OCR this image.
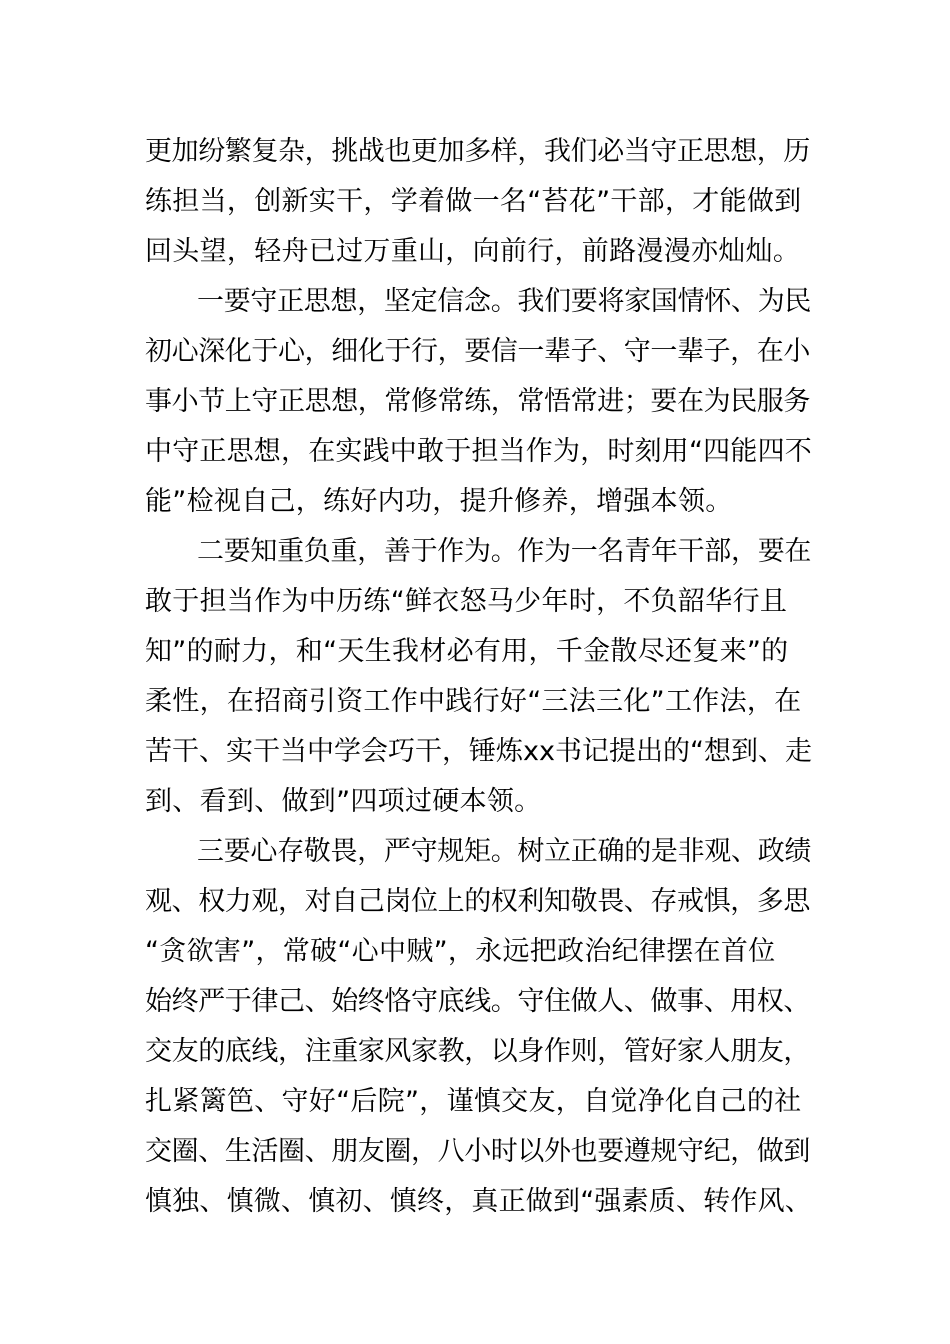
更加纷繁复杂，挑战也更加多样，我们必当守正思想，历
练担当，创新实干，学着做一名“苔花”干部，才能做到
回头望，轻舟已过万重山，向前行，前路漫漫亦灿灿。
一要守正思想，坚定信念。我们要将家国情怀、为民
初心深化于心，细化于行，要信一辈子、守一辈子，在小
事小节上守正思想，常修常练，常悟常进；要在为民服务
中守正思想，在实践中敢于担当作为，时刻用“四能四不
能”检视自己，练好内功，提升修养，增强本领。
二要知重负重，善于作为。作为一名青年干部，要在
敢于担当作为中历练“鲜衣怒马少年时，不负韶华行且
知”的耐力，和“天生我材必有用，千金散尽还复来”的
柔性，在招商引资工作中践行好“三法三化”工作法，在
苦干、实干当中学会巧干，锤炼xx书记提出的“想到、走
到、看到、做到”四项过硬本领。
三要心存敬畏，严守规矩。树立正确的是非观、政绩
观、权力观，对自己岗位上的权利知敬畏、存戒惧，多思
“贪欲害”，常破“心中贼”，永远把政治纪律摆在首位
始终严于律己、始终恪守底线。守住做人、做事、用权、
交友的底线，注重家风家教，以身作则，管好家人朋友，
扎紧篱笆、守好“后院”，谨慎交友，自觉净化自己的社
交圈、生活圈、朋友圈，八小时以外也要遵规守纪，做到
慎独、慎微、慎初、慎终，真正做到“强素质、转作风、
